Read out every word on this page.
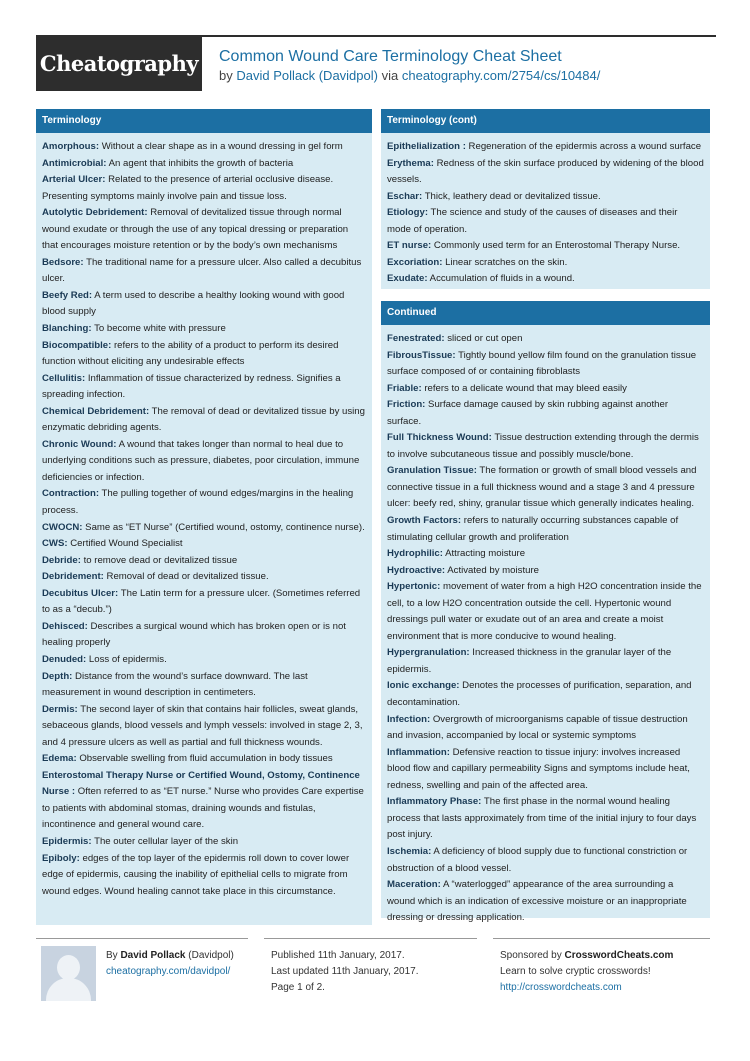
Cheatography Common Wound Care Terminology Cheat Sheet
by David Pollack (Davidpol) via cheatography.com/2754/cs/10484/
Terminology
Amorphous: Without a clear shape as in a wound dressing in gel form
Antimicrobial: An agent that inhibits the growth of bacteria
Arterial Ulcer: Related to the presence of arterial occlusive disease. Presenting symptoms mainly involve pain and tissue loss.
Autolytic Debridement: Removal of devitalized tissue through normal wound exudate or through the use of any topical dressing or preparation that encourages moisture retention or by the body’s own mechanisms
Bedsore: The traditional name for a pressure ulcer. Also called a decubitus ulcer.
Beefy Red: A term used to describe a healthy looking wound with good blood supply
Blanching: To become white with pressure
Biocompatible: refers to the ability of a product to perform its desired function without eliciting any undesirable effects
Cellulitis: Inflammation of tissue characterized by redness. Signifies a spreading infection.
Chemical Debridement: The removal of dead or devitalized tissue by using enzymatic debriding agents.
Chronic Wound: A wound that takes longer than normal to heal due to underlying conditions such as pressure, diabetes, poor circulation, immune deficiencies or infection.
Contraction: The pulling together of wound edges/margins in the healing process.
CWOCN: Same as “ET Nurse” (Certified wound, ostomy, continence nurse).
CWS: Certified Wound Specialist
Debride: to remove dead or devitalized tissue
Debridement: Removal of dead or devitalized tissue.
Decubitus Ulcer: The Latin term for a pressure ulcer. (Sometimes referred to as a “decub.”)
Dehisced: Describes a surgical wound which has broken open or is not healing properly
Denuded: Loss of epidermis.
Depth: Distance from the wound’s surface downward. The last measurement in wound description in centimeters.
Dermis: The second layer of skin that contains hair follicles, sweat glands, sebaceous glands, blood vessels and lymph vessels: involved in stage 2, 3, and 4 pressure ulcers as well as partial and full thickness wounds.
Edema: Observable swelling from fluid accumulation in body tissues
Enterostomal Therapy Nurse or Certified Wound, Ostomy, Continence Nurse : Often referred to as “ET nurse.” Nurse who provides Care expertise to patients with abdominal stomas, draining wounds and fistulas, incontinence and general wound care.
Epidermis: The outer cellular layer of the skin
Epiboly: edges of the top layer of the epidermis roll down to cover lower edge of epidermis, causing the inability of epithelial cells to migrate from wound edges. Wound healing cannot take place in this circumstance.
Terminology (cont)
Epithelialization : Regeneration of the epidermis across a wound surface
Erythema: Redness of the skin surface produced by widening of the blood vessels.
Eschar: Thick, leathery dead or devitalized tissue.
Etiology: The science and study of the causes of diseases and their mode of operation.
ET nurse: Commonly used term for an Enterostomal Therapy Nurse.
Excoriation: Linear scratches on the skin.
Exudate: Accumulation of fluids in a wound.
Continued
Fenestrated: sliced or cut open
FibrousTissue: Tightly bound yellow film found on the granulation tissue surface composed of or containing fibroblasts
Friable: refers to a delicate wound that may bleed easily
Friction: Surface damage caused by skin rubbing against another surface.
Full Thickness Wound: Tissue destruction extending through the dermis to involve subcutaneous tissue and possibly muscle/bone.
Granulation Tissue: The formation or growth of small blood vessels and connective tissue in a full thickness wound and a stage 3 and 4 pressure ulcer: beefy red, shiny, granular tissue which generally indicates healing.
Growth Factors: refers to naturally occurring substances capable of stimulating cellular growth and proliferation
Hydrophilic: Attracting moisture
Hydroactive: Activated by moisture
Hypertonic: movement of water from a high H2O concentration inside the cell, to a low H2O concentration outside the cell. Hypertonic wound dressings pull water or exudate out of an area and create a moist environment that is more conducive to wound healing.
Hypergranulation: Increased thickness in the granular layer of the epidermis.
Ionic exchange: Denotes the processes of purification, separation, and decontamination.
Infection: Overgrowth of microorganisms capable of tissue destruction and invasion, accompanied by local or systemic symptoms
Inflammation: Defensive reaction to tissue injury: involves increased blood flow and capillary permeability Signs and symptoms include heat, redness, swelling and pain of the affected area.
Inflammatory Phase: The first phase in the normal wound healing process that lasts approximately from time of the initial injury to four days post injury.
Ischemia: A deficiency of blood supply due to functional constriction or obstruction of a blood vessel.
Maceration: A “waterlogged” appearance of the area surrounding a wound which is an indication of excessive moisture or an inappropriate dressing or dressing application.
By David Pollack (Davidpol)
cheatography.com/davidpol/
Published 11th January, 2017.
Last updated 11th January, 2017.
Page 1 of 2.
Sponsored by CrosswordCheats.com
Learn to solve cryptic crosswords!
http://crosswordcheats.com
